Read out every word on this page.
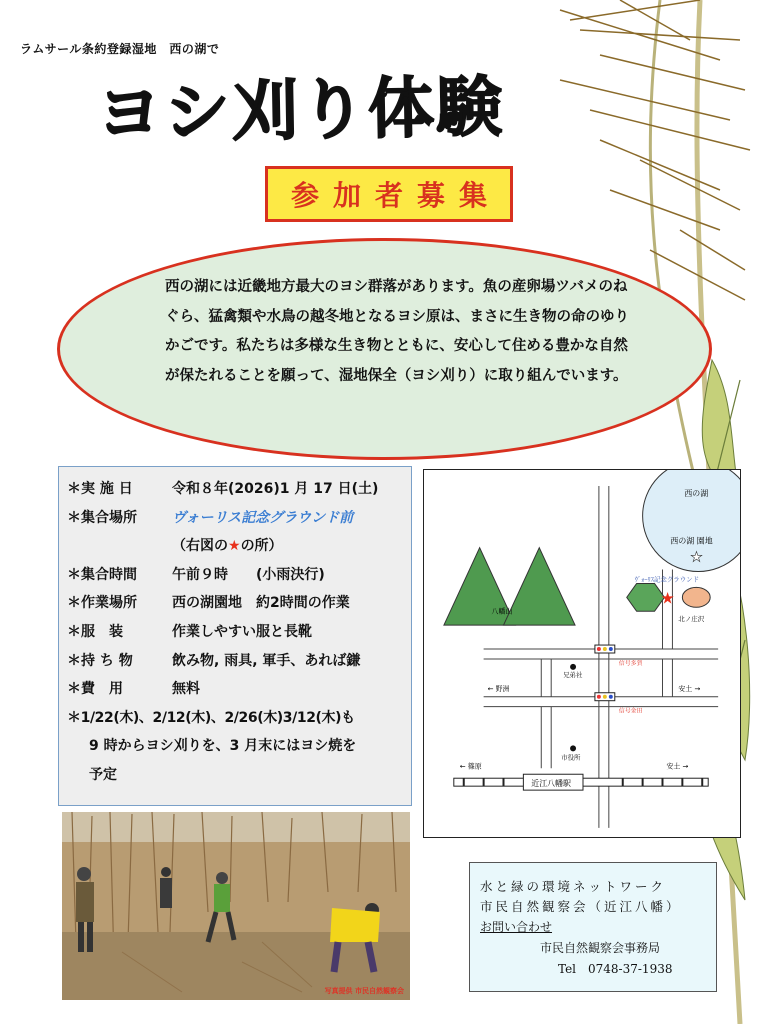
ラムサール条約登録湿地　西の湖で
ヨシ刈り体験
参加者募集
西の湖には近畿地方最大のヨシ群落があります。魚の産卵場ツバメのねぐら、猛禽類や水鳥の越冬地となるヨシ原は、まさに生き物の命のゆりかごです。私たちは多様な生き物とともに、安心して住める豊かな自然が保たれることを願って、湿地保全（ヨシ刈り）に取り組んでいます。
＊実 施 日	令和８年(2026)1 月 17 日(土)
＊集合場所	ヴォーリス記念グラウンド前
（右図の★の所）
＊集合時間	午前９時　　(小雨決行)
＊作業場所	西の湖園地　約2時間の作業
＊服　装	作業しやすい服と長靴
＊持 ち 物	飲み物, 雨具, 軍手、あれば鎌
＊費　用	無料
＊1/22(木)、2/12(木)、2/26(木)3/12(木)も
9 時からヨシ刈りを、3 月末にはヨシ焼を
予定
西の湖
西の湖 園地
★
八幡山
近江八幡駅
← 篠原	安土 →
★
ｳﾞｫｰﾘｽ記念グラウンド
北ノ庄沢
信号多賀
信号金田
兄弟社
市役所
← 野洲	安土 →
写真提供 市民自然観察会
水と緑の環境ネットワーク
市民自然観察会（近江八幡）
お問い合わせ
市民自然観察会事務局
Tel　0748-37-1938
